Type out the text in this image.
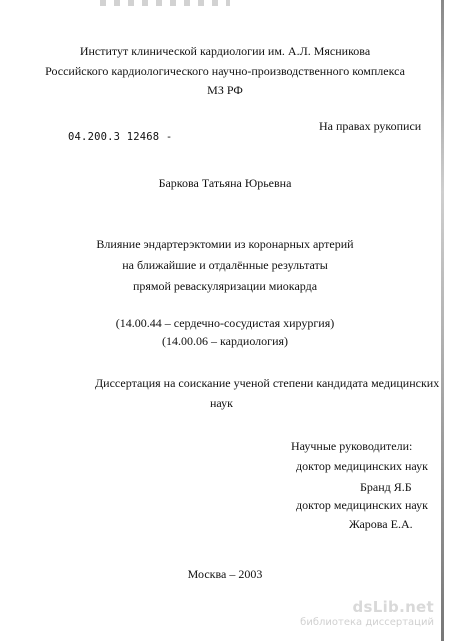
Институт клинической кардиологии им. А.Л. Мясникова
Российского кардиологического научно-производственного комплекса
МЗ РФ
На правах рукописи
04.200.3 12468 -
Баркова Татьяна Юрьевна
Влияние эндартерэктомии из коронарных артерий
на ближайшие и отдалённые результаты
прямой реваскуляризации миокарда
(14.00.44 – сердечно-сосудистая хирургия)
(14.00.06 – кардиология)
Диссертация на соискание ученой степени кандидата медицинских
наук
Научные руководители:
доктор медицинских наук
Бранд Я.Б
доктор медицинских наук
Жарова Е.А.
Москва – 2003
dsLib.net
библиотека диссертаций
